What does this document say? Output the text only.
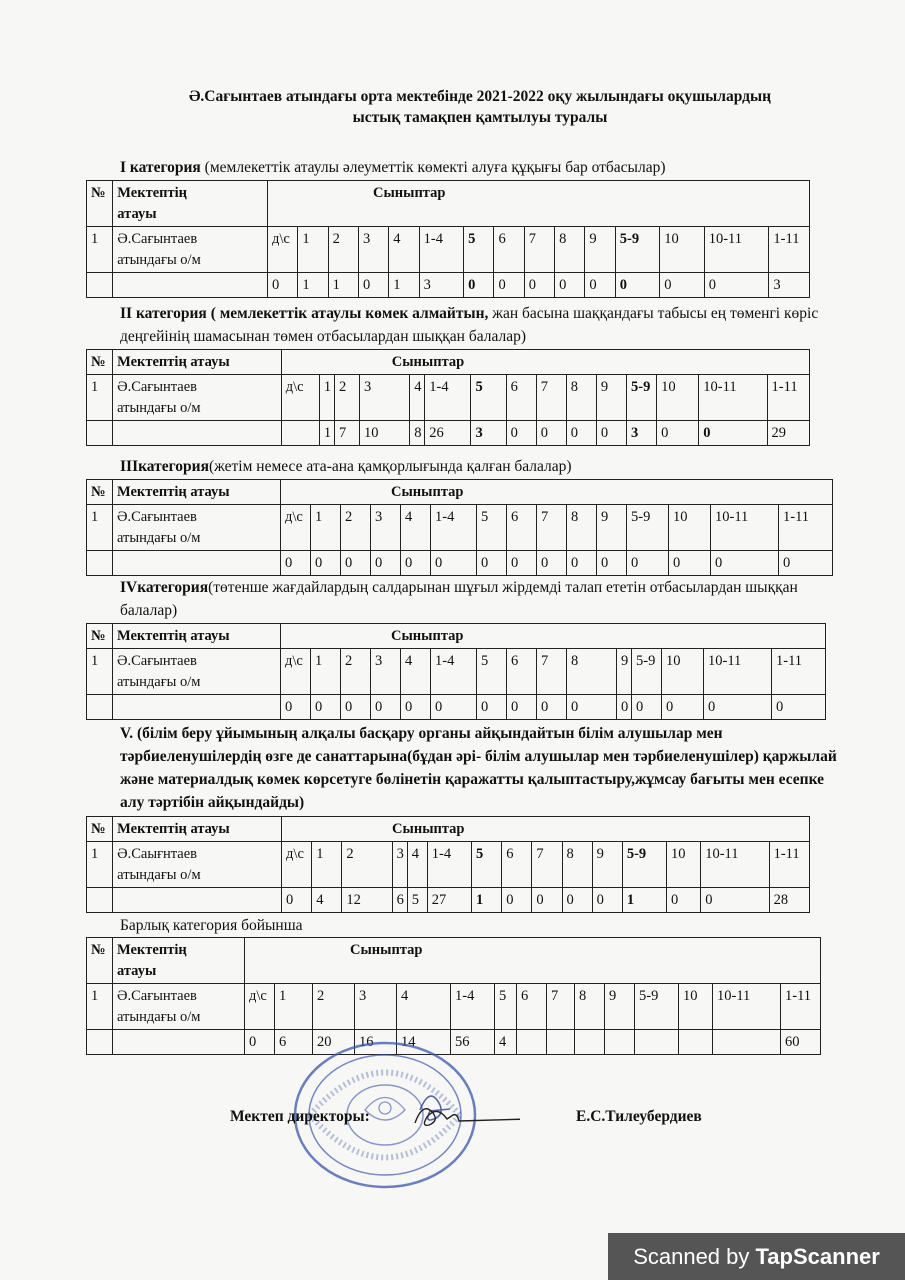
Ә.Сағынтаев атындағы орта мектебінде 2021-2022 оқу жылындағы оқушылардың
ыстық тамақпен қамтылуы туралы
I категория (мемлекеттік атаулы әлеуметтік көмекті алуға құқығы бар отбасылар)
№	Мектептің
атауы	Сыныптар														
1	Ә.Сағынтаев
атындағы о/м	д\с	1	2	3	4	1-4	5	6	7	8	9	5-9	10	10-11	1-11
		0	1	1	0	1	3	0	0	0	0	0	0	0	0	3
ІІ категория ( мемлекеттік атаулы көмек алмайтын, жан басына шаққандағы табысы ең төменгі көріс деңгейінің шамасынан төмен отбасылардан шыққан балалар)
№	Мектептің атауы	Сыныптар														
1	Ә.Сағынтаев
атындағы о/м	д\с	1	2	3	4	1-4	5	6	7	8	9	5-9	10	10-11	1-11
			1	7	10	8	26	3	0	0	0	0	3	0	0	29
ІІІкатегория(жетім немесе ата-ана қамқорлығында қалған балалар)
№	Мектептің атауы	Сыныптар														
1	Ә.Сағынтаев
атындағы о/м	д\с	1	2	3	4	1-4	5	6	7	8	9	5-9	10	10-11	1-11
		0	0	0	0	0	0	0	0	0	0	0	0	0	0	0
ІVкатегория(төтенше жағдайлардың салдарынан шұғыл жірдемді талап ететін отбасылардан шыққан балалар)
№	Мектептің атауы	Сыныптар														
1	Ә.Сағынтаев
атындағы о/м	д\с	1	2	3	4	1-4	5	6	7	8	9	5-9	10	10-11	1-11
		0	0	0	0	0	0	0	0	0	0	0	0	0	0	0
V. (білім беру ұйымының алқалы басқару органы айқындайтын білім алушылар мен тәрбиеленушілердің өзге де санаттарына(бұдан әрі- білім алушылар мен тәрбиеленушілер) қаржылай және материалдық көмек көрсетуге бөлінетін қаражатты қалыптастыру,жұмсау бағыты мен есепке алу тәртібін айқындайды)
№	Мектептің атауы	Сыныптар														
1	Ә.Саығнтаев
атындағы о/м	д\с	1	2	3	4	1-4	5	6	7	8	9	5-9	10	10-11	1-11
		0	4	12	6	5	27	1	0	0	0	0	1	0	0	28
Барлық категория бойынша
№	Мектептің
атауы	Сыныптар														
1	Ә.Сағынтаев
атындағы о/м	д\с	1	2	3	4	1-4	5	6	7	8	9	5-9	10	10-11	1-11
		0	6	20	16	14	56	4								60
Мектеп директоры:	Е.С.Тилеубердиев
Scanned by TapScanner
